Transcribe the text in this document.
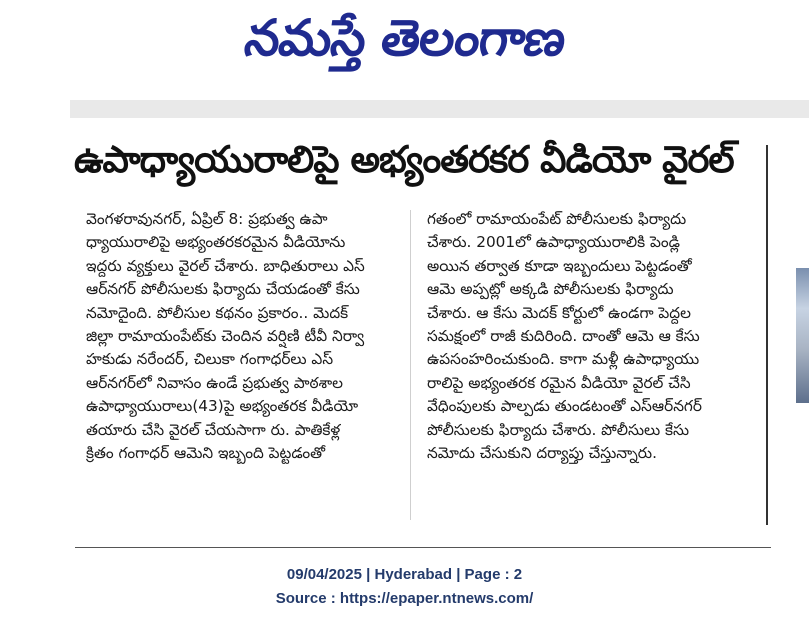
నమస్తే తెలంగాణ
ఉపాధ్యాయురాలిపై అభ్యంతరకర వీడియో వైరల్
వెంగళరావునగర్‌, ఏప్రిల్‌ 8: ప్రభుత్వ ఉపా
ధ్యాయురాలిపై అభ్యంతరకరమైన వీడియోను
ఇద్దరు వ్యక్తులు వైరల్‌ చేశారు. బాధితురాలు ఎస్‌
ఆర్‌నగర్‌ పోలీసులకు ఫిర్యాదు చేయడంతో కేసు
నమోదైంది. పోలీసుల కథనం ప్రకారం.. మెదక్‌
జిల్లా రామాయంపేట్‌కు చెందిన వర్షిణి టీవీ నిర్వా
హకుడు నరేందర్‌, చిలుకా గంగాధర్‌లు ఎస్‌
ఆర్‌నగర్‌లో నివాసం ఉండే ప్రభుత్వ పాఠశాల
ఉపాధ్యాయురాలు(43)పై అభ్యంతరక వీడియో
తయారు చేసి వైరల్‌ చేయసాగా రు. పాతికేళ్ల
క్రితం గంగాధర్‌ ఆమెని ఇబ్బంది పెట్టడంతో
గతంలో రామాయంపేట్‌ పోలీసులకు ఫిర్యాదు
చేశారు. 2001లో ఉపాధ్యాయురాలికి పెండ్లి
అయిన తర్వాత కూడా ఇబ్బందులు పెట్టడంతో
ఆమె అప్పట్లో అక్కడి పోలీసులకు ఫిర్యాదు
చేశారు. ఆ కేసు మెదక్‌ కోర్టులో ఉండగా పెద్దల
సమక్షంలో రాజీ కుదిరింది. దాంతో ఆమె ఆ కేసు
ఉపసంహరించుకుంది. కాగా మళ్లీ ఉపాధ్యాయు
రాలిపై అభ్యంతరక రమైన వీడియో వైరల్‌ చేసి
వేధింపులకు పాల్పడు తుండటంతో ఎస్‌ఆర్‌నగర్‌
పోలీసులకు ఫిర్యాదు చేశారు. పోలీసులు కేసు
నమోదు చేసుకుని దర్యాప్తు చేస్తున్నారు.
09/04/2025 | Hyderabad | Page : 2
Source : https://epaper.ntnews.com/
